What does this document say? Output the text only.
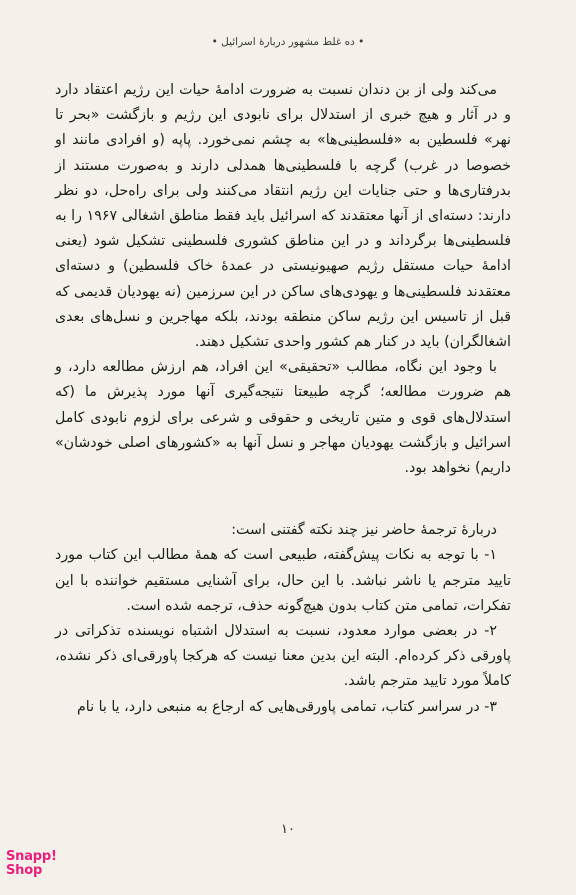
• ده غلط مشهور دربارهٔ اسرائیل •

می‌کند ولی از بن دندان نسبت به ضرورت ادامهٔ حیات این رژیم اعتقاد دارد و در آثار و هیچ خبری از استدلال برای نابودی این رژیم و بازگشت «بحر تا نهر» فلسطین به «فلسطینی‌ها» به چشم نمی‌خورد. پاپه (و افرادی مانند او خصوصا در غرب) گرچه با فلسطینی‌ها همدلی دارند و به‌صورت مستند از بدرفتاری‌ها و حتی جنایات این رژیم انتقاد می‌کنند ولی برای راه‌حل، دو نظر دارند: دسته‌ای از آنها معتقدند که اسرائیل باید فقط مناطق اشغالی ۱۹۶۷ را به فلسطینی‌ها برگرداند و در این مناطق کشوری فلسطینی تشکیل شود (یعنی ادامهٔ حیات مستقل رژیم صهیونیستی در عمدهٔ خاک فلسطین) و دسته‌ای معتقدند فلسطینی‌ها و یهودی‌های ساکن در این سرزمین (نه یهودیان قدیمی که قبل از تاسیس این رژیم ساکن منطقه بودند، بلکه مهاجرین و نسل‌های بعدی اشغالگران) باید در کنار هم کشور واحدی تشکیل دهند.

با وجود این نگاه، مطالب «تحقیقی» این افراد، هم ارزش مطالعه دارد، و هم ضرورت مطالعه؛ گرچه طبیعتا نتیجه‌گیری آنها مورد پذیرش ما (که استدلال‌های قوی و متین تاریخی و حقوقی و شرعی برای لزوم نابودی کامل اسرائیل و بازگشت یهودیان مهاجر و نسل آنها به «کشورهای اصلی خودشان» داریم) نخواهد بود.

دربارهٔ ترجمهٔ حاضر نیز چند نکته گفتنی است:

۱- با توجه به نکات پیش‌گفته، طبیعی است که همهٔ مطالب این کتاب مورد تایید مترجم یا ناشر نباشد. با این حال، برای آشنایی مستقیم خواننده با این تفکرات، تمامی متن کتاب بدون هیچ‌گونه حذف، ترجمه شده است.

۲- در بعضی موارد معدود، نسبت به استدلال اشتباه نویسنده تذکراتی در پاورقی ذکر کرده‌ام. البته این بدین معنا نیست که هرکجا پاورقی‌ای ذکر نشده، کاملاً مورد تایید مترجم باشد.

۳- در سراسر کتاب، تمامی پاورقی‌هایی که ارجاع به منبعی دارد، یا با نام

۱۰
Snapp!
Shop
